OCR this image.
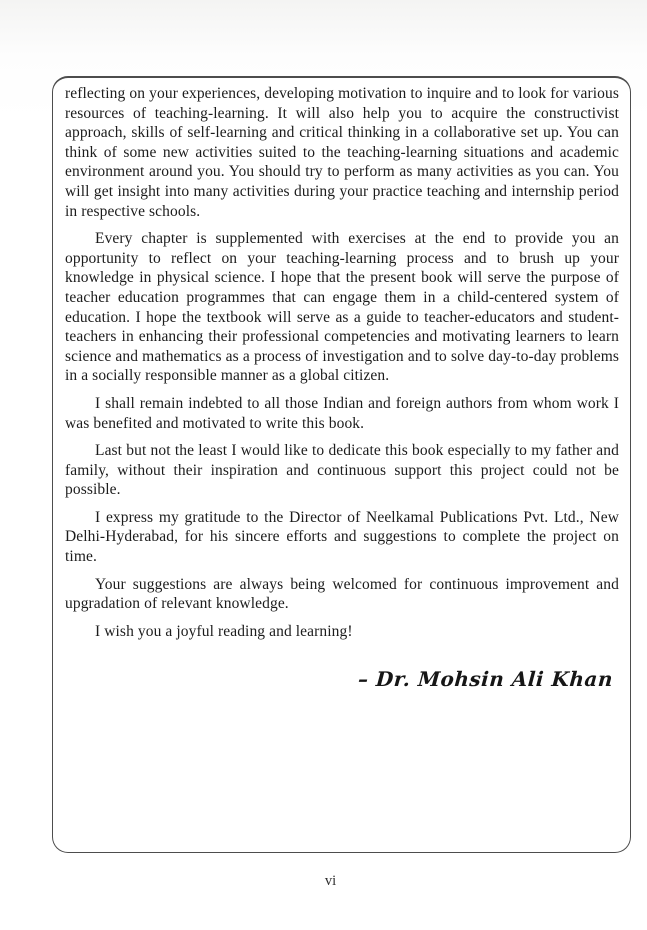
reflecting on your experiences, developing motivation to inquire and to look for various resources of teaching-learning. It will also help you to acquire the constructivist approach, skills of self-learning and critical thinking in a collaborative set up. You can think of some new activities suited to the teaching-learning situations and academic environment around you. You should try to perform as many activities as you can. You will get insight into many activities during your practice teaching and internship period in respective schools.

Every chapter is supplemented with exercises at the end to provide you an opportunity to reflect on your teaching-learning process and to brush up your knowledge in physical science. I hope that the present book will serve the purpose of teacher education programmes that can engage them in a child-centered system of education. I hope the textbook will serve as a guide to teacher-educators and student-teachers in enhancing their professional competencies and motivating learners to learn science and mathematics as a process of investigation and to solve day-to-day problems in a socially responsible manner as a global citizen.

I shall remain indebted to all those Indian and foreign authors from whom work I was benefited and motivated to write this book.

Last but not the least I would like to dedicate this book especially to my father and family, without their inspiration and continuous support this project could not be possible.

I express my gratitude to the Director of Neelkamal Publications Pvt. Ltd., New Delhi-Hyderabad, for his sincere efforts and suggestions to complete the project on time.

Your suggestions are always being welcomed for continuous improvement and upgradation of relevant knowledge.

I wish you a joyful reading and learning!

– Dr. Mohsin Ali Khan
vi
